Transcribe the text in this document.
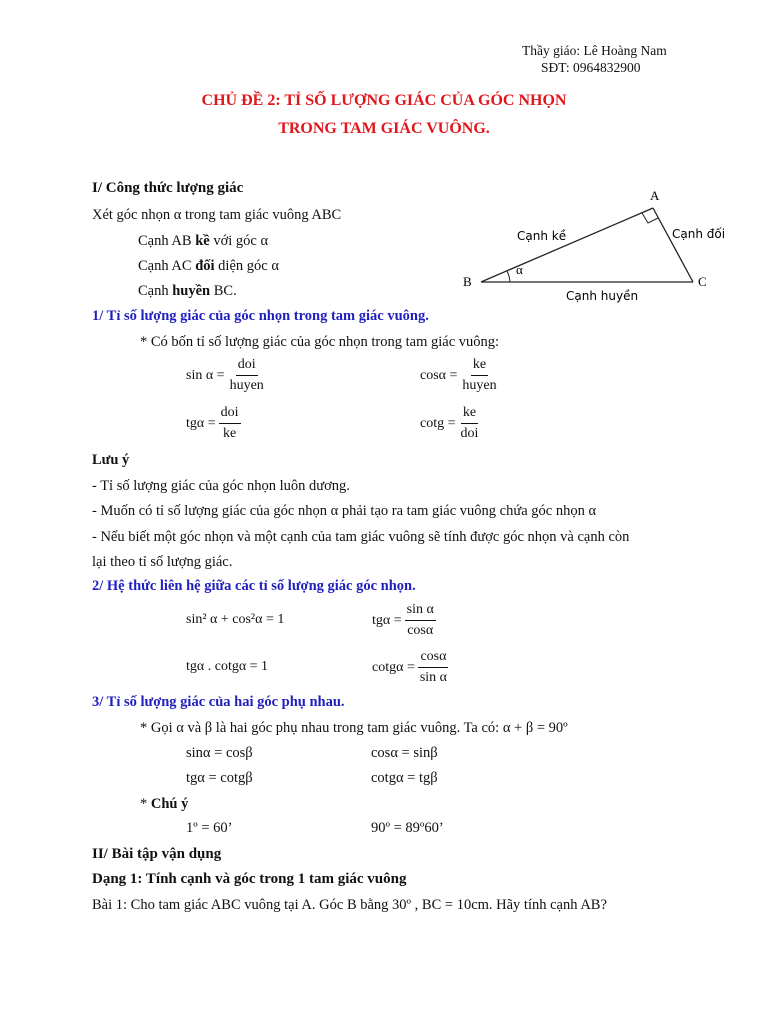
Thầy giáo: Lê Hoàng Nam
SĐT: 0964832900
CHỦ ĐỀ 2: TỈ SỐ LƯỢNG GIÁC CỦA GÓC NHỌN
TRONG TAM GIÁC VUÔNG.
I/ Công thức lượng giác
Xét góc nhọn α trong tam giác vuông ABC
Cạnh AB kề với góc α
Cạnh AC đối diện góc α
Cạnh huyền BC.
A
B	C
α
Cạnh kề	Cạnh đối
Cạnh huyền
1/ Tỉ số lượng giác của góc nhọn trong tam giác vuông.
* Có bốn tỉ số lượng giác của góc nhọn trong tam giác vuông:
$\sin \alpha = \frac{\text{doi}}{\text{huyen}}$	$\cos\alpha = \frac{ke}{\text{huyen}}$
$tg\alpha = \frac{\text{doi}}{ke}$	$\cot g = \frac{ke}{\text{doi}}$
Lưu ý
- Tỉ số lượng giác của góc nhọn luôn dương.
- Muốn có tỉ số lượng giác của góc nhọn α phải tạo ra tam giác vuông chứa góc nhọn α
- Nếu biết một góc nhọn và một cạnh của tam giác vuông sẽ tính được góc nhọn và cạnh còn
lại theo tỉ số lượng giác.
2/ Hệ thức liên hệ giữa các tỉ số lượng giác góc nhọn.
sin² α + cos²α = 1	$tg\alpha = \frac{\text{sin α}}{\cos\alpha}$
tgα . cotgα = 1	$\cot g\alpha = \frac{\cos\alpha}{\text{sin α}}$
3/ Tỉ số lượng giác của hai góc phụ nhau.
* Gọi α và β là hai góc phụ nhau trong tam giác vuông. Ta có: α + β = 90º
sinα = cosβ	cosα = sinβ
tgα = cotgβ	cotgα = tgβ
* Chú ý
1º = 60’	90º = 89º60’
II/ Bài tập vận dụng
Dạng 1: Tính cạnh và góc trong 1 tam giác vuông
Bài 1: Cho tam giác ABC vuông tại A. Góc B bằng 30º , BC = 10cm. Hãy tính cạnh AB?
